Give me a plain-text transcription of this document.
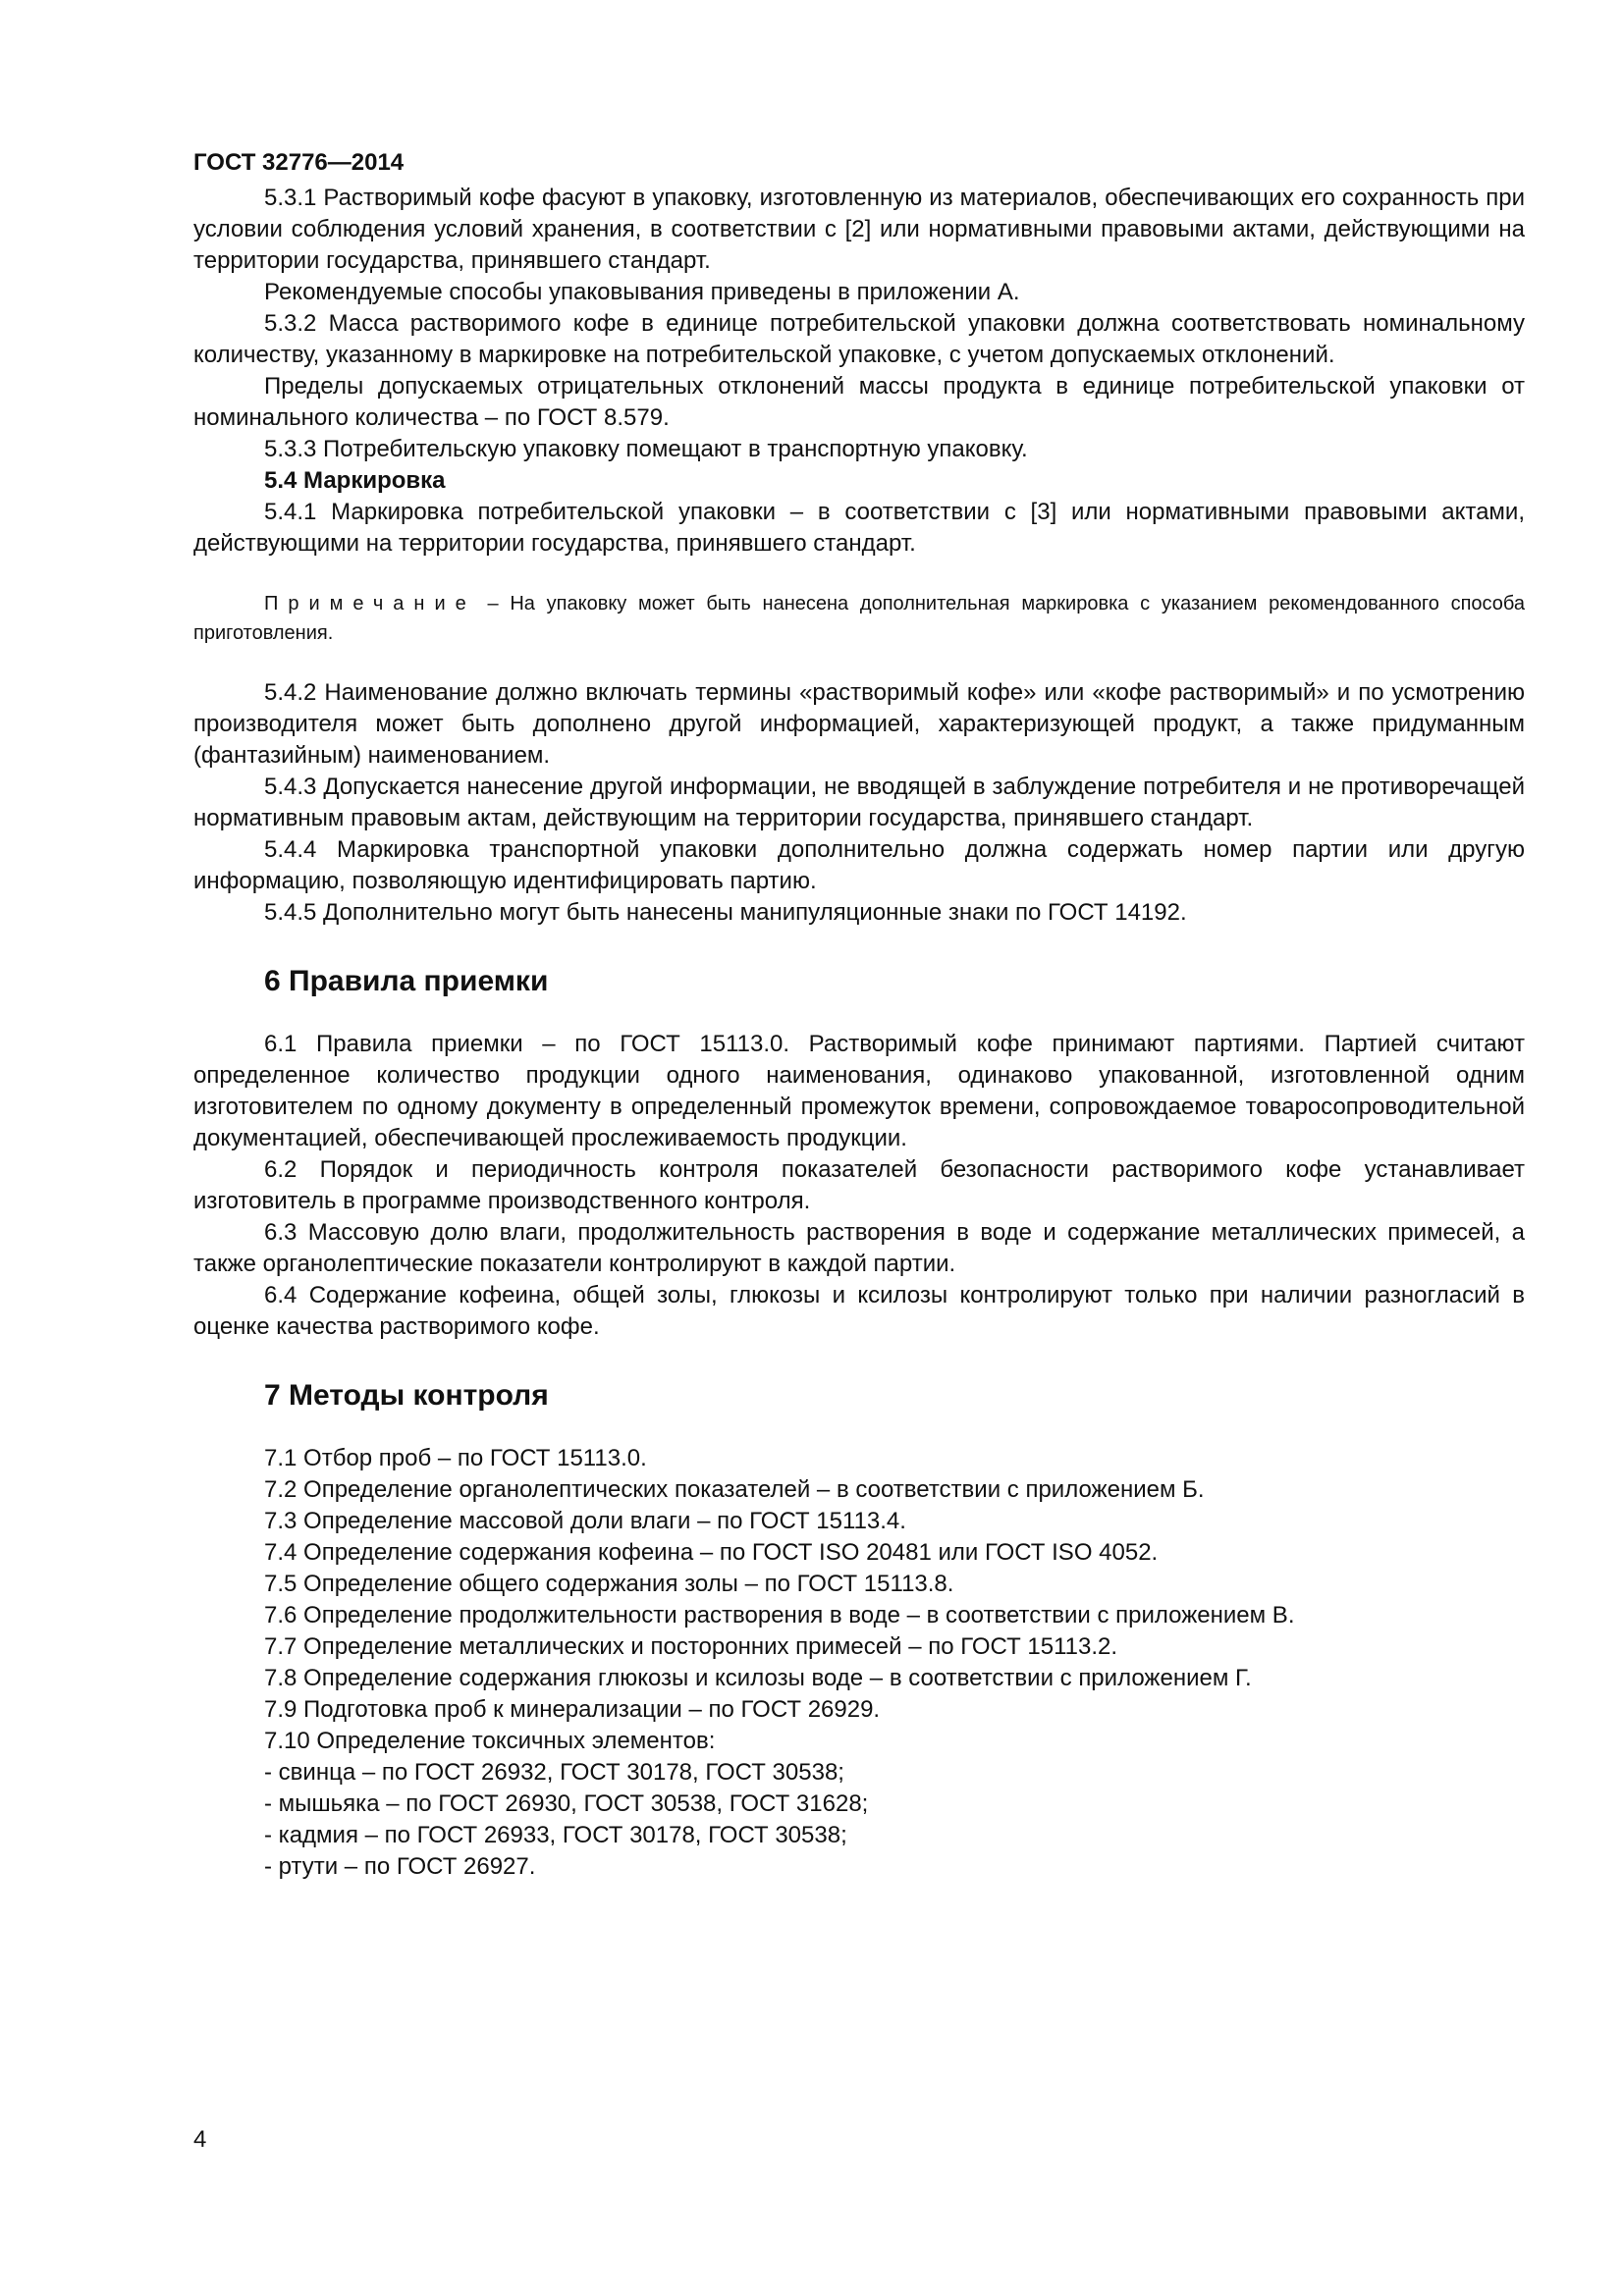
ГОСТ 32776—2014

5.3.1 Растворимый кофе фасуют в упаковку, изготовленную из материалов, обеспечивающих его сохранность при условии соблюдения условий хранения, в соответствии с [2] или нормативными правовыми актами, действующими на территории государства, принявшего стандарт.

Рекомендуемые способы упаковывания приведены в приложении А.

5.3.2 Масса растворимого кофе в единице потребительской упаковки должна соответствовать номинальному количеству, указанному в маркировке на потребительской упаковке, с учетом допускаемых отклонений.

Пределы допускаемых отрицательных отклонений массы продукта в единице потребительской упаковки от номинального количества – по ГОСТ 8.579.

5.3.3 Потребительскую упаковку помещают в транспортную упаковку.

5.4 Маркировка

5.4.1 Маркировка потребительской упаковки – в соответствии с [3] или нормативными правовыми актами, действующими на территории государства, принявшего стандарт.

Примечание – На упаковку может быть нанесена дополнительная маркировка с указанием рекомендованного способа приготовления.

5.4.2 Наименование должно включать термины «растворимый кофе» или «кофе растворимый» и по усмотрению производителя может быть дополнено другой информацией, характеризующей продукт, а также придуманным (фантазийным) наименованием.

5.4.3 Допускается нанесение другой информации, не вводящей в заблуждение потребителя и не противоречащей нормативным правовым актам, действующим на территории государства, принявшего стандарт.

5.4.4 Маркировка транспортной упаковки дополнительно должна содержать номер партии или другую информацию, позволяющую идентифицировать партию.

5.4.5 Дополнительно могут быть нанесены манипуляционные знаки по ГОСТ 14192.

6 Правила приемки

6.1 Правила приемки – по ГОСТ 15113.0. Растворимый кофе принимают партиями. Партией считают определенное количество продукции одного наименования, одинаково упакованной, изготовленной одним изготовителем по одному документу в определенный промежуток времени, сопровождаемое товаросопроводительной документацией, обеспечивающей прослеживаемость продукции.

6.2 Порядок и периодичность контроля показателей безопасности растворимого кофе устанавливает изготовитель в программе производственного контроля.

6.3 Массовую долю влаги, продолжительность растворения в воде и содержание металлических примесей, а также органолептические показатели контролируют в каждой партии.

6.4 Содержание кофеина, общей золы, глюкозы и ксилозы контролируют только при наличии разногласий в оценке качества растворимого кофе.

7 Методы контроля

7.1 Отбор проб – по ГОСТ 15113.0.

7.2 Определение органолептических показателей – в соответствии с приложением Б.

7.3 Определение массовой доли влаги – по ГОСТ 15113.4.

7.4 Определение содержания кофеина – по ГОСТ ISO 20481 или ГОСТ ISO 4052.

7.5 Определение общего содержания золы – по ГОСТ 15113.8.

7.6 Определение продолжительности растворения в воде – в соответствии с приложением В.

7.7 Определение металлических и посторонних примесей – по ГОСТ 15113.2.

7.8 Определение содержания глюкозы и ксилозы воде – в соответствии с приложением Г.

7.9 Подготовка проб к минерализации – по ГОСТ 26929.

7.10 Определение токсичных элементов:

- свинца – по ГОСТ 26932, ГОСТ 30178, ГОСТ 30538;

- мышьяка – по ГОСТ 26930, ГОСТ 30538, ГОСТ 31628;

- кадмия – по ГОСТ 26933, ГОСТ 30178, ГОСТ 30538;

- ртути – по ГОСТ 26927.

4
